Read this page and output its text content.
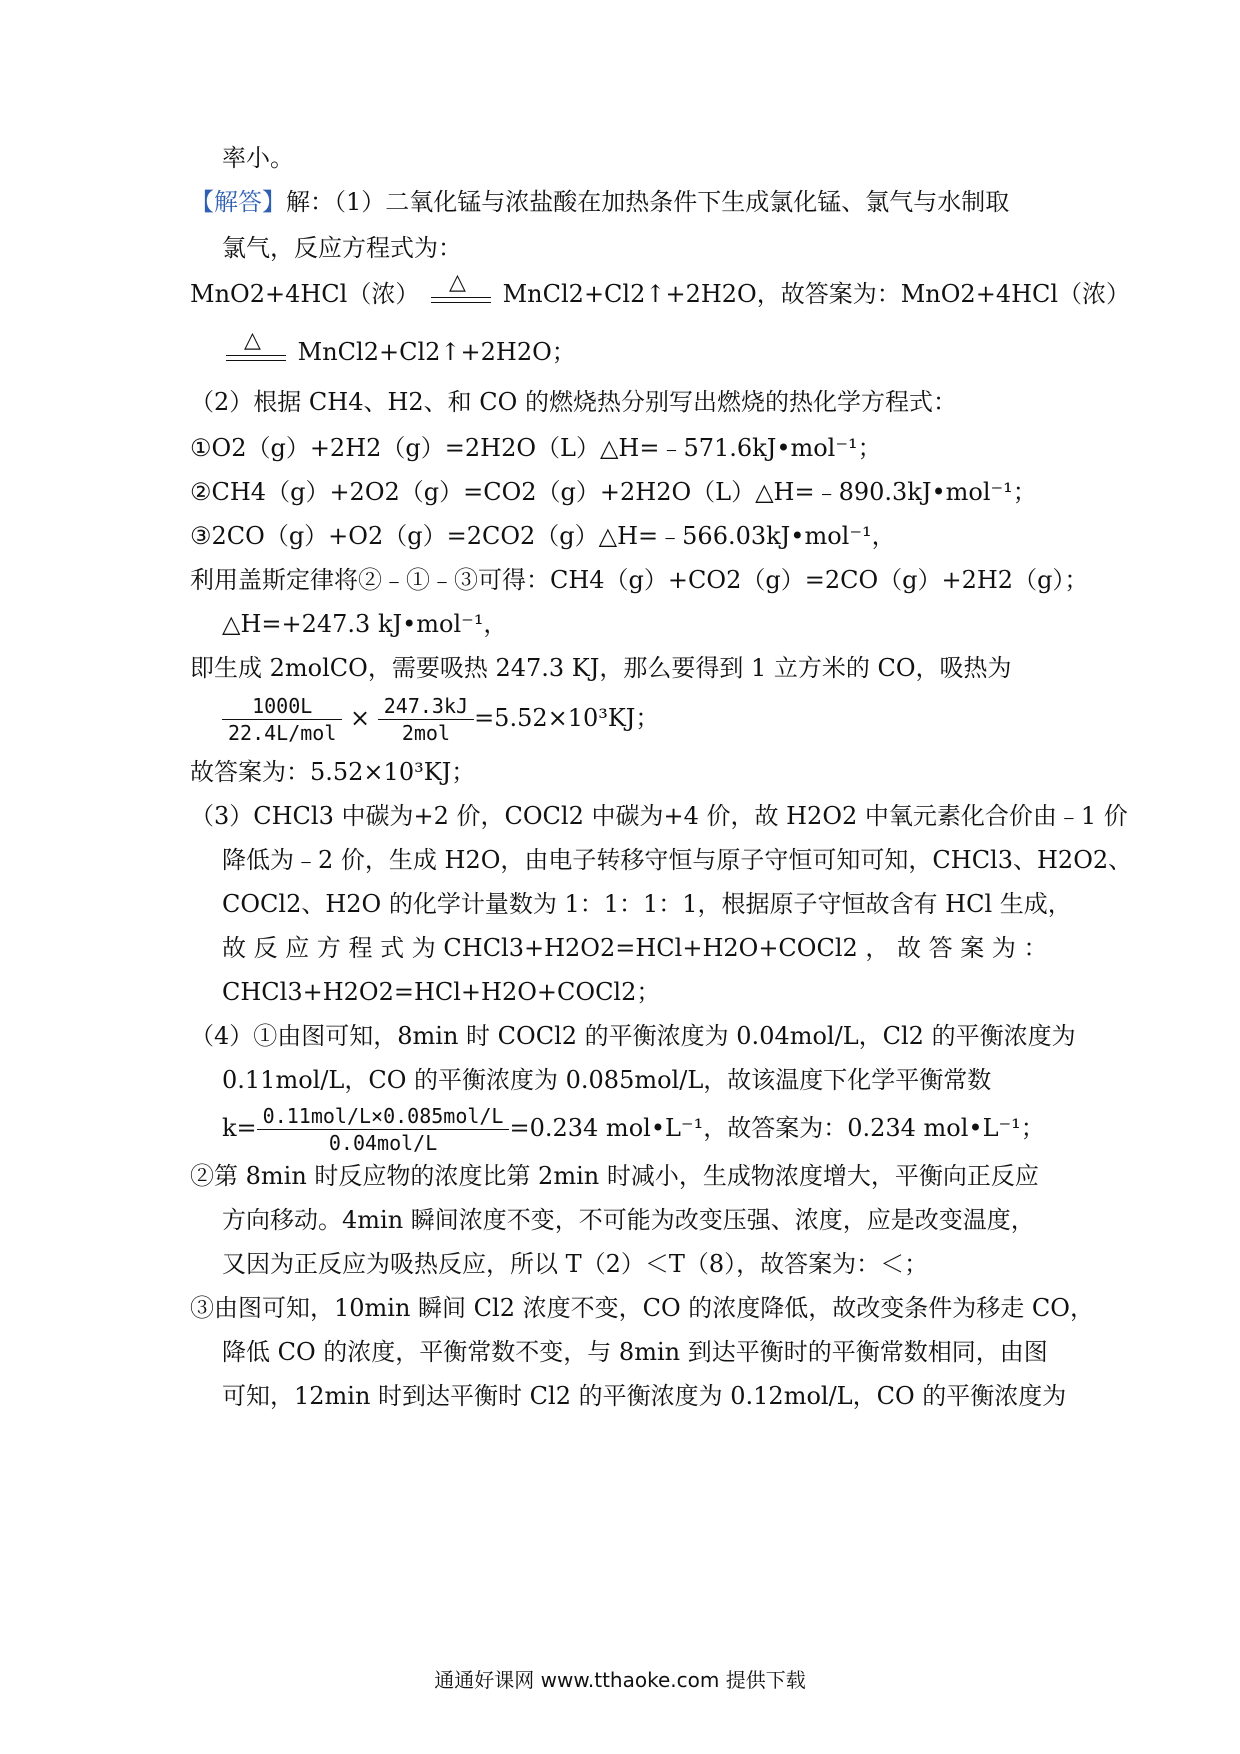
率小。
【解答】解：（1）二氧化锰与浓盐酸在加热条件下生成氯化锰、氯气与水制取
氯气，反应方程式为：
MnO2+4HCl（浓） △ MnCl2+Cl2↑+2H2O，故答案为：MnO2+4HCl（浓）
△ MnCl2+Cl2↑+2H2O；
（2）根据 CH4、H2、和 CO 的燃烧热分别写出燃烧的热化学方程式：
①O2（g）+2H2（g）=2H2O（L）△H=﹣571.6kJ•mol⁻¹；
②CH4（g）+2O2（g）=CO2（g）+2H2O（L）△H=﹣890.3kJ•mol⁻¹；
③2CO（g）+O2（g）=2CO2（g）△H=﹣566.03kJ•mol⁻¹，
利用盖斯定律将②﹣①﹣③可得：CH4（g）+CO2（g）=2CO（g）+2H2（g）；
△H=+247.3 kJ•mol⁻¹，
即生成 2molCO，需要吸热 247.3 KJ，那么要得到 1 立方米的 CO，吸热为
$\frac{1000L}{\text{22.4L/mol}} \times \frac{247.3kJ}{\text{2mol}} =5.52\times 10^3KJ$；
故答案为：5.52×10³KJ；
（3）CHCl3 中碳为+2 价，COCl2 中碳为+4 价，故 H2O2 中氧元素化合价由﹣1 价
降低为﹣2 价，生成 H2O，由电子转移守恒与原子守恒可知可知，CHCl3、H2O2、
COCl2、H2O 的化学计量数为 1：1：1：1，根据原子守恒故含有 HCl 生成，
故 反 应 方 程 式 为 CHCl3+H2O2=HCl+H2O+COCl2 ， 故 答 案 为 ：
CHCl3+H2O2=HCl+H2O+COCl2；
（4）①由图可知，8min 时 COCl2 的平衡浓度为 0.04mol/L，Cl2 的平衡浓度为
0.11mol/L，CO 的平衡浓度为 0.085mol/L，故该温度下化学平衡常数
$k= \frac{\text{0.11mol/L×0.085mol/L}}{\text{0.04mol/L}} =0.234$ mol•L⁻¹，故答案为：0.234 mol•L⁻¹；
②第 8min 时反应物的浓度比第 2min 时减小，生成物浓度增大，平衡向正反应
方向移动。4min 瞬间浓度不变，不可能为改变压强、浓度，应是改变温度，
又因为正反应为吸热反应，所以 T（2）＜T（8），故答案为：＜；
③由图可知，10min 瞬间 Cl2 浓度不变，CO 的浓度降低，故改变条件为移走 CO，
降低 CO 的浓度，平衡常数不变，与 8min 到达平衡时的平衡常数相同，由图
可知，12min 时到达平衡时 Cl2 的平衡浓度为 0.12mol/L，CO 的平衡浓度为
通通好课网 www.tthaoke.com 提供下载
